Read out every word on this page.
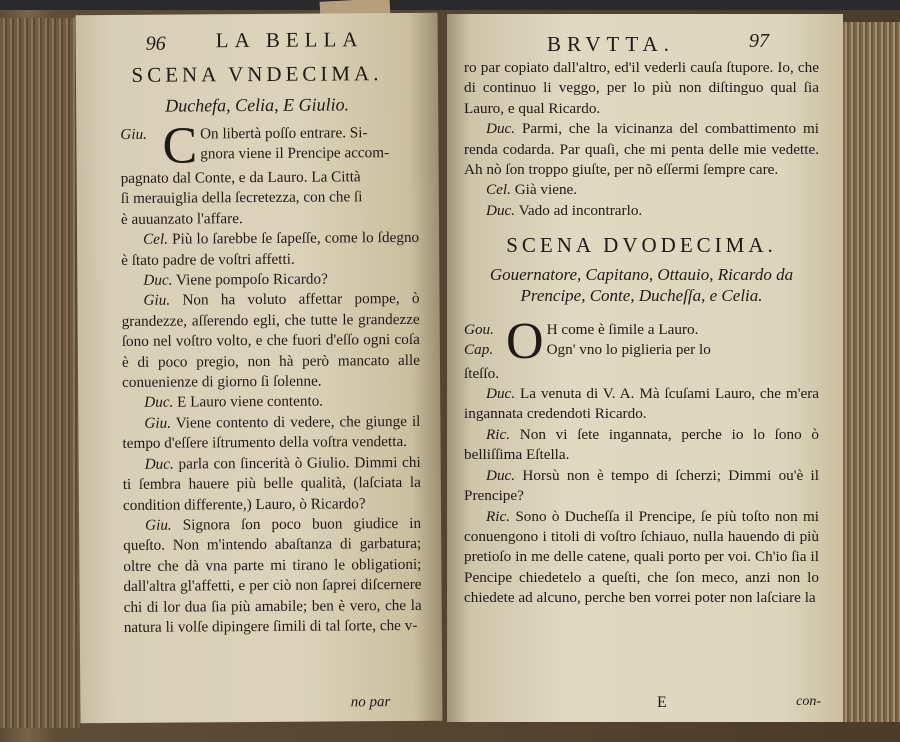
96 LA BELLA
SCENA VNDECIMA.
Duchefa, Celia, E Giulio.
Giu. C On libertà poſſo entrare. Si-
gnora viene il Prencipe accom-

pagnato dal Conte, e da Lauro. La Città

ſi merauiglia della ſecretezza, con che ſi

è auuanzato l'affare.

Cel. Più lo ſarebbe ſe ſapeſſe, come lo ſdegno è ſtato padre de voſtri affetti.

Duc. Viene pompoſo Ricardo?

Giu. Non ha voluto affettar pompe, ò grandezze, aſſerendo egli, che tutte le grandezze ſono nel voſtro volto, e che fuori d'eſſo ogni coſa è di poco pregio, non hà però mancato alle conuenienze di giorno ſi ſolenne.

Duc. E Lauro viene contento.

Giu. Viene contento di vedere, che giunge il tempo d'eſſere iſtrumento della voſtra vendetta.

Duc. parla con ſincerità ò Giulio. Dimmi chi ti ſembra hauere più belle qualità, (laſciata la condition differente,) Lauro, ò Ricardo?

Giu. Signora ſon poco buon giudice in queſto. Non m'intendo abaſtanza di garbatura; oltre che dà vna parte mi tirano le obligationi; dall'altra gl'affetti, e per ciò non ſaprei diſcernere chi di lor dua ſia più amabile; ben è vero, che la natura li volſe dipingere ſimili di tal ſorte, che v-

no par
BRVTTA.	97

ro par copiato dall'altro, ed'il vederli cauſa ſtupore. Io, che di continuo li veggo, per lo più non diſtinguo qual ſia Lauro, e qual Ricardo.

Duc. Parmi, che la vicinanza del combattimento mi renda codarda. Par quaſi, che mi penta delle mie vedette. Ah nò ſon troppo giuſte, per nõ eſſermi ſempre care.

Cel. Già viene.

Duc. Vado ad incontrarlo.

SCENA DVODECIMA.
Gouernatore, Capitano, Ottauio, Ricardo da Prencipe, Conte, Ducheſſa, e Celia.
Gou.
Cap. O H come è ſimile a Lauro.
Ogn' vno lo piglieria per lo

ſteſſo.

Duc. La venuta di V. A. Mà ſcuſami Lauro, che m'era ingannata credendoti Ricardo.

Ric. Non vi ſete ingannata, perche io lo ſono ò belliſſima Eſtella.

Duc. Horsù non è tempo di ſcherzi; Dimmi ou'è il Prencipe?

Ric. Sono ò Ducheſſa il Prencipe, ſe più toſto non mi conuengono i titoli di voſtro ſchiauo, nulla hauendo di più pretioſo in me delle catene, quali porto per voi. Ch'io ſia il Pencipe chiedetelo a queſti, che ſon meco, anzi non lo chiedete ad alcuno, perche ben vorrei poter non laſciare la

E	con-
